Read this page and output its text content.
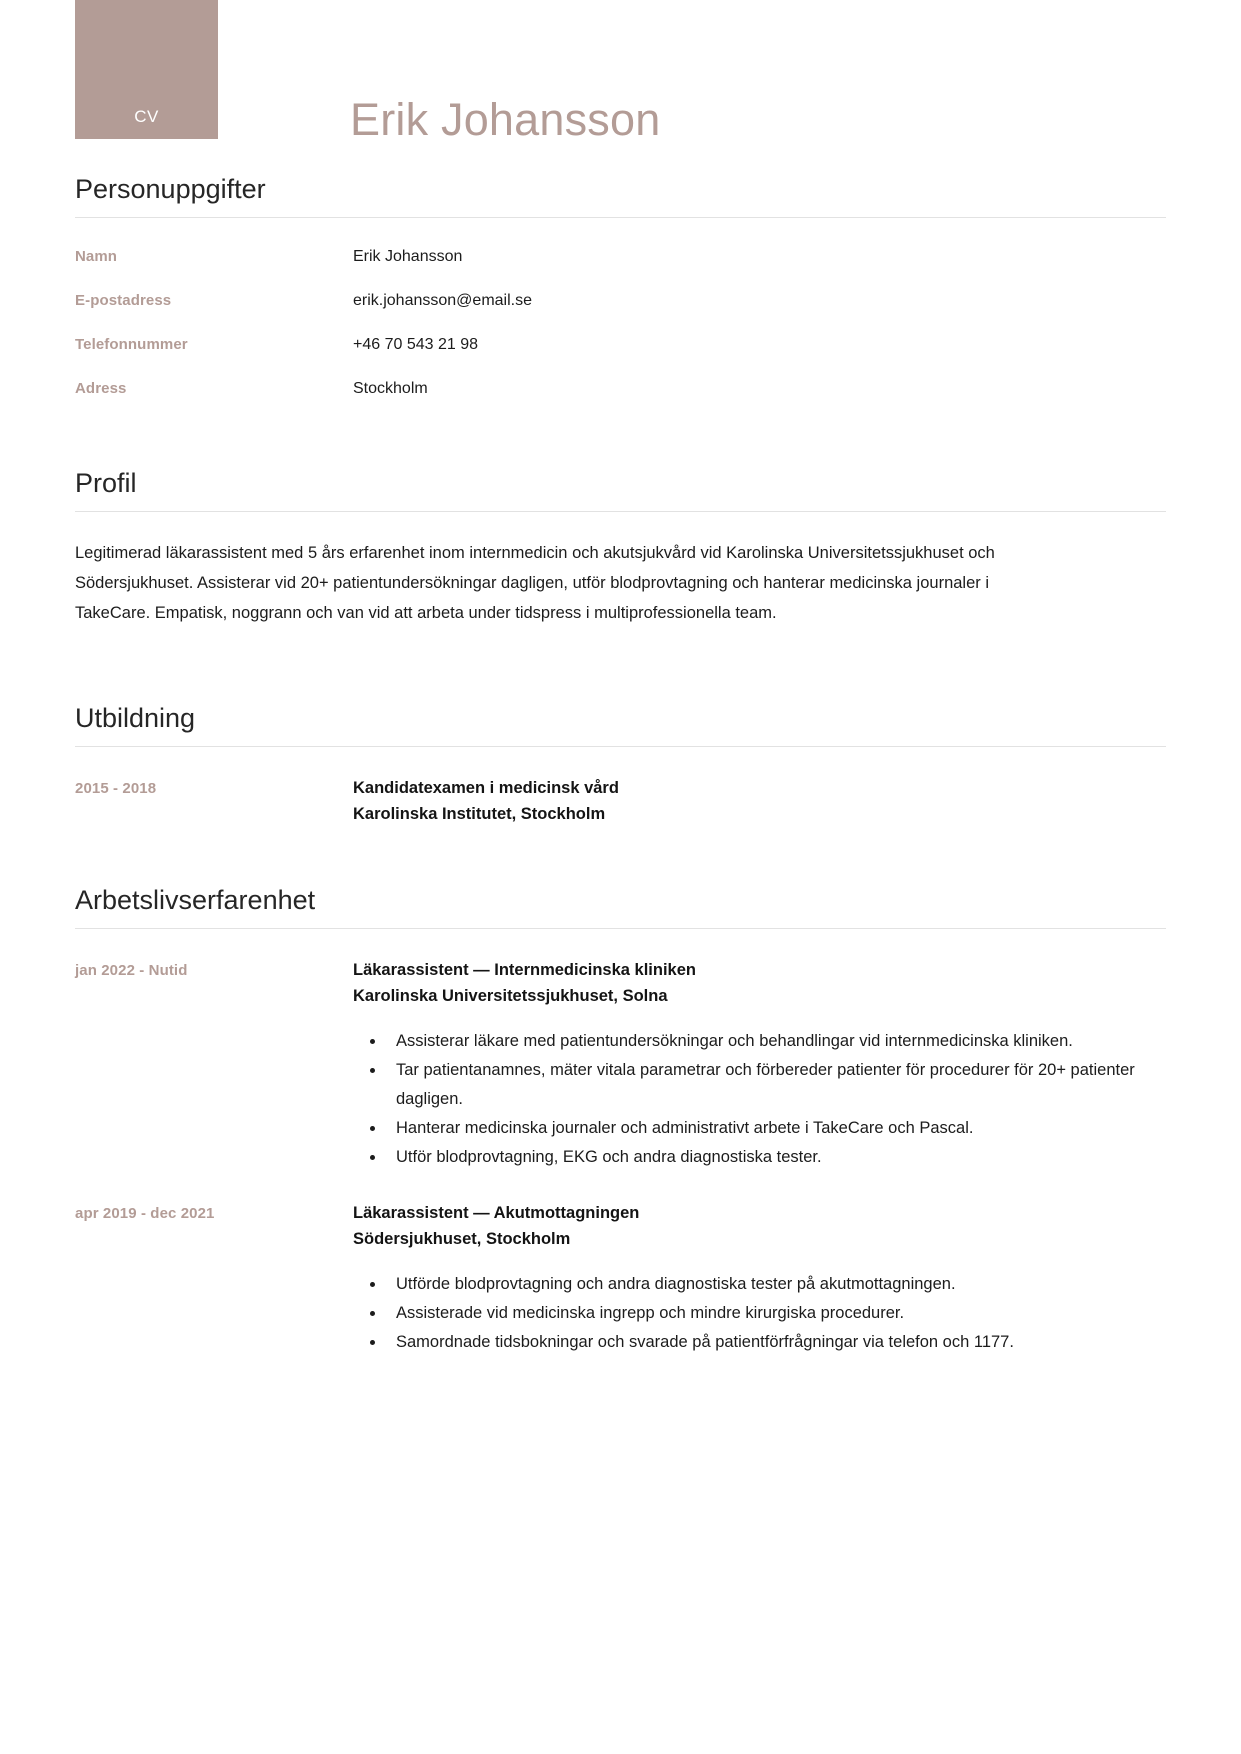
CV	Erik Johansson
Personuppgifter
Namn	Erik Johansson
E-postadress	erik.johansson@email.se
Telefonnummer	+46 70 543 21 98
Adress	Stockholm
Profil

Legitimerad läkarassistent med 5 års erfarenhet inom internmedicin och akutsjukvård vid Karolinska Universitetssjukhuset och Södersjukhuset. Assisterar vid 20+ patientundersökningar dagligen, utför blodprovtagning och hanterar medicinska journaler i TakeCare. Empatisk, noggrann och van vid att arbeta under tidspress i multiprofessionella team.

Utbildning
2015 - 2018	Kandidatexamen i medicinsk vård
Karolinska Institutet, Stockholm
Arbetslivserfarenhet
jan 2022 - Nutid	Läkarassistent — Internmedicinska kliniken
Karolinska Universitetssjukhuset, Solna
• Assisterar läkare med patientundersökningar och behandlingar vid internmedicinska kliniken.
• Tar patientanamnes, mäter vitala parametrar och förbereder patienter för procedurer för 20+ patienter dagligen.
• Hanterar medicinska journaler och administrativt arbete i TakeCare och Pascal.
• Utför blodprovtagning, EKG och andra diagnostiska tester.
apr 2019 - dec 2021	Läkarassistent — Akutmottagningen
Södersjukhuset, Stockholm
• Utförde blodprovtagning och andra diagnostiska tester på akutmottagningen.
• Assisterade vid medicinska ingrepp och mindre kirurgiska procedurer.
• Samordnade tidsbokningar och svarade på patientförfrågningar via telefon och 1177.
